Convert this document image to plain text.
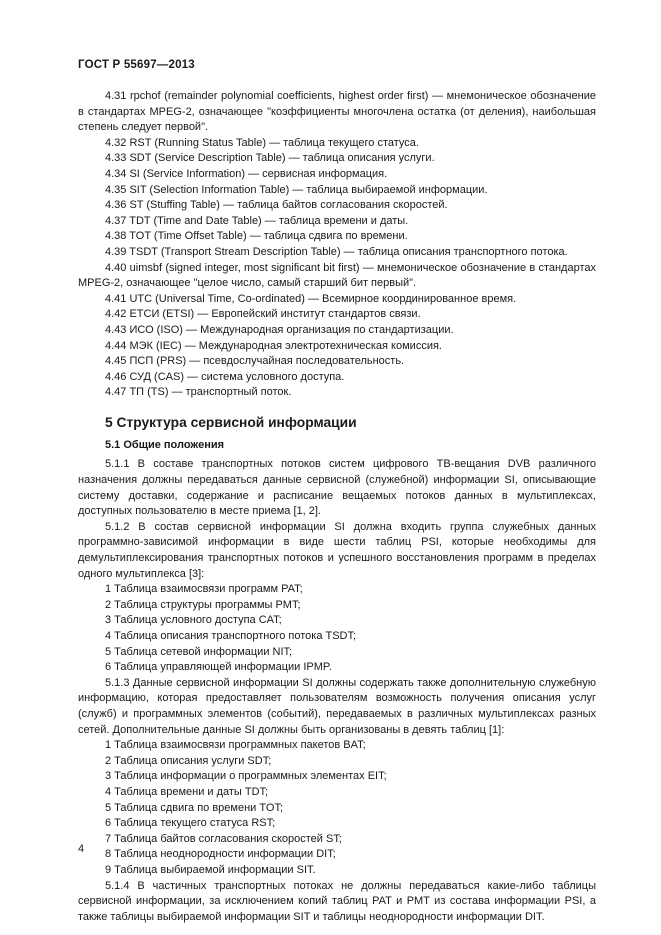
ГОСТ Р 55697—2013

4.31 rpchof (remainder polynomial coefficients, highest order first) — мнемоническое обозначение в стандартах MPEG-2, означающее "коэффициенты многочлена остатка (от деления), наибольшая степень следует первой".

4.32 RST (Running Status Table) — таблица текущего статуса.

4.33 SDT (Service Description Table) — таблица описания услуги.

4.34 SI (Service Information) — сервисная информация.

4.35 SIT (Selection Information Table) — таблица выбираемой информации.

4.36 ST (Stuffing Table) — таблица байтов согласования скоростей.

4.37 TDT (Time and Date Table) — таблица времени и даты.

4.38 TOT (Time Offset Table) — таблица сдвига по времени.

4.39 TSDT (Transport Stream Description Table) — таблица описания транспортного потока.

4.40 uimsbf (signed integer, most significant bit first) — мнемоническое обозначение в стандартах MPEG-2, означающее "целое число, самый старший бит первый".

4.41 UTC (Universal Time, Co-ordinated) — Всемирное координированное время.

4.42 ЕТСИ (ETSI) — Европейский институт стандартов связи.

4.43 ИСО (ISO) — Международная организация по стандартизации.

4.44 МЭК (IEC) — Международная электротехническая комиссия.

4.45 ПСП (PRS) — псевдослучайная последовательность.

4.46 СУД (CAS) — система условного доступа.

4.47 ТП (TS) — транспортный поток.

5 Структура сервисной информации

5.1 Общие положения

5.1.1 В составе транспортных потоков систем цифрового ТВ-вещания DVB различного назначения должны передаваться данные сервисной (служебной) информации SI, описывающие систему доставки, содержание и расписание вещаемых потоков данных в мультиплексах, доступных пользователю в месте приема [1, 2].

5.1.2 В состав сервисной информации SI должна входить группа служебных данных программно-зависимой информации в виде шести таблиц PSI, которые необходимы для демультиплексирования транспортных потоков и успешного восстановления программ в пределах одного мультиплекса [3]:

1 Таблица взаимосвязи программ PAT;

2 Таблица структуры программы PMT;

3 Таблица условного доступа CAT;

4 Таблица описания транспортного потока TSDT;

5 Таблица сетевой информации NIT;

6 Таблица управляющей информации IPMP.

5.1.3 Данные сервисной информации SI должны содержать также дополнительную служебную информацию, которая предоставляет пользователям возможность получения описания услуг (служб) и программных элементов (событий), передаваемых в различных мультиплексах разных сетей. Дополнительные данные SI должны быть организованы в девять таблиц [1]:

1 Таблица взаимосвязи программных пакетов BAT;

2 Таблица описания услуги SDT;

3 Таблица информации о программных элементах EIT;

4 Таблица времени и даты TDT;

5 Таблица сдвига по времени TOT;

6 Таблица текущего статуса RST;

7 Таблица байтов согласования скоростей ST;

8 Таблица неоднородности информации DIT;

9 Таблица выбираемой информации SIT.

5.1.4 В частичных транспортных потоках не должны передаваться какие-либо таблицы сервисной информации, за исключением копий таблиц PAT и PMT из состава информации PSI, а также таблицы выбираемой информации SIT и таблицы неоднородности информации DIT.

4
